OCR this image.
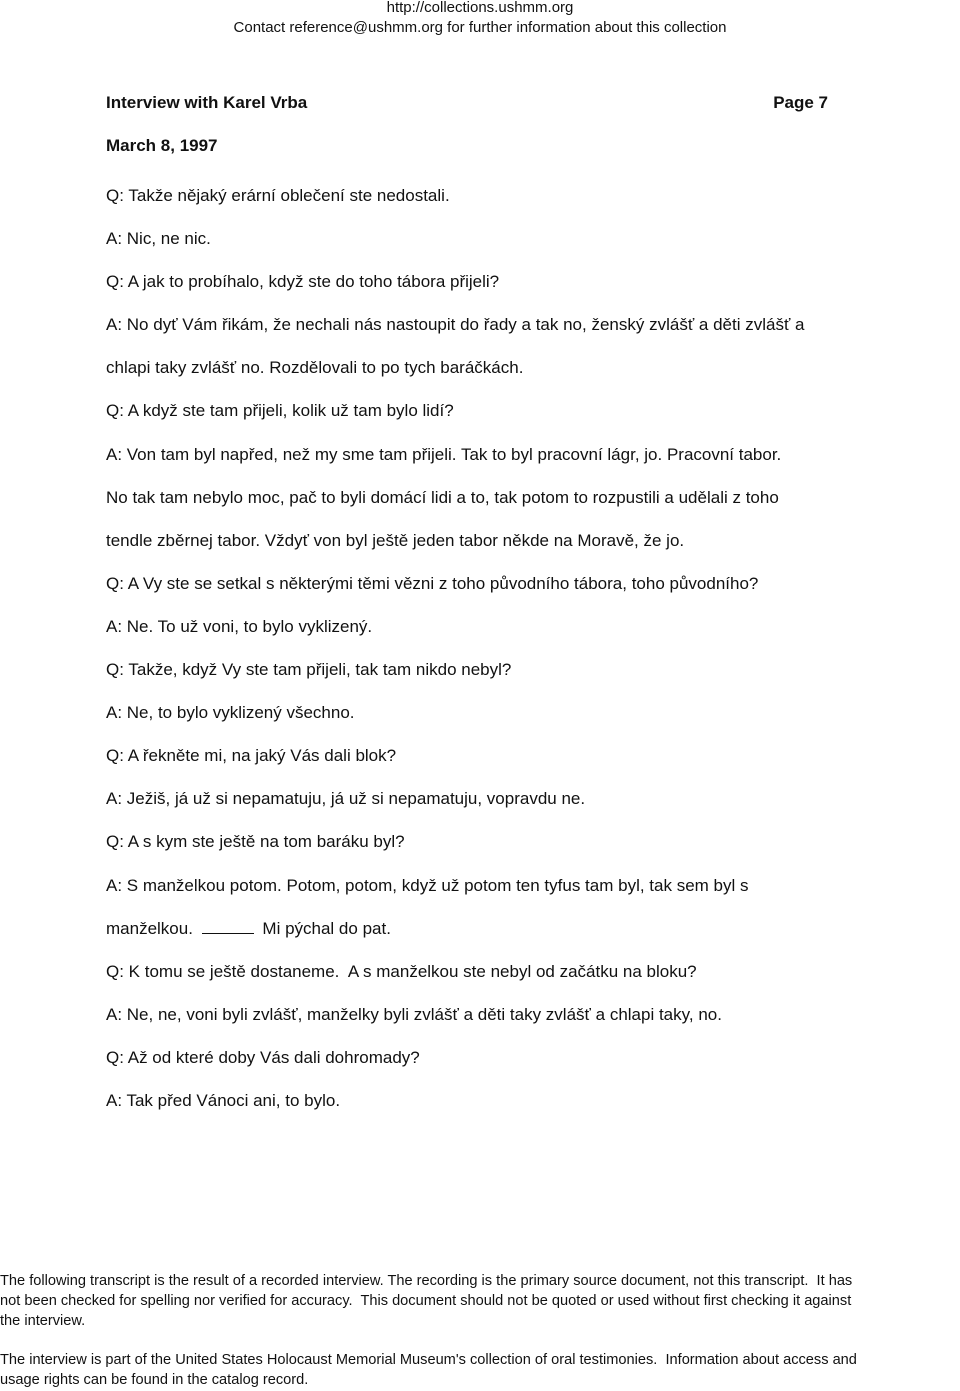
http://collections.ushmm.org
Contact reference@ushmm.org for further information about this collection
Interview with Karel Vrba	Page 7
March 8, 1997

Q: Takže nějaký erární oblečení ste nedostali.

A: Nic, ne nic.

Q: A jak to probíhalo, když ste do toho tábora přijeli?

A: No dyť Vám řikám, že nechali nás nastoupit do řady a tak no, ženský zvlášť a děti zvlášť a

chlapi taky zvlášť no. Rozdělovali to po tych baráčkách.

Q: A když ste tam přijeli, kolik už tam bylo lidí?

A: Von tam byl napřed, než my sme tam přijeli. Tak to byl pracovní lágr, jo. Pracovní tabor.

No tak tam nebylo moc, pač to byli domácí lidi a to, tak potom to rozpustili a udělali z toho

tendle zběrnej tabor. Vždyť von byl ještě jeden tabor někde na Moravě, že jo.

Q: A Vy ste se setkal s některými těmi vězni z toho původního tábora, toho původního?

A: Ne. To už voni, to bylo vyklizený.

Q: Takže, když Vy ste tam přijeli, tak tam nikdo nebyl?

A: Ne, to bylo vyklizený všechno.

Q: A řekněte mi, na jaký Vás dali blok?

A: Ježiš, já už si nepamatuju, já už si nepamatuju, vopravdu ne.

Q: A s kym ste ještě na tom baráku byl?

A: S manželkou potom. Potom, potom, když už potom ten tyfus tam byl, tak sem byl s

manželkou.	Mi pýchal do pat.

Q: K tomu se ještě dostaneme.  A s manželkou ste nebyl od začátku na bloku?

A: Ne, ne, voni byli zvlášť, manželky byli zvlášť a děti taky zvlášť a chlapi taky, no.

Q: Až od které doby Vás dali dohromady?

A: Tak před Vánoci ani, to bylo.

The following transcript is the result of a recorded interview. The recording is the primary source document, not this transcript.  It has
not been checked for spelling nor verified for accuracy.  This document should not be quoted or used without first checking it against
the interview.
The interview is part of the United States Holocaust Memorial Museum's collection of oral testimonies.  Information about access and
usage rights can be found in the catalog record.
